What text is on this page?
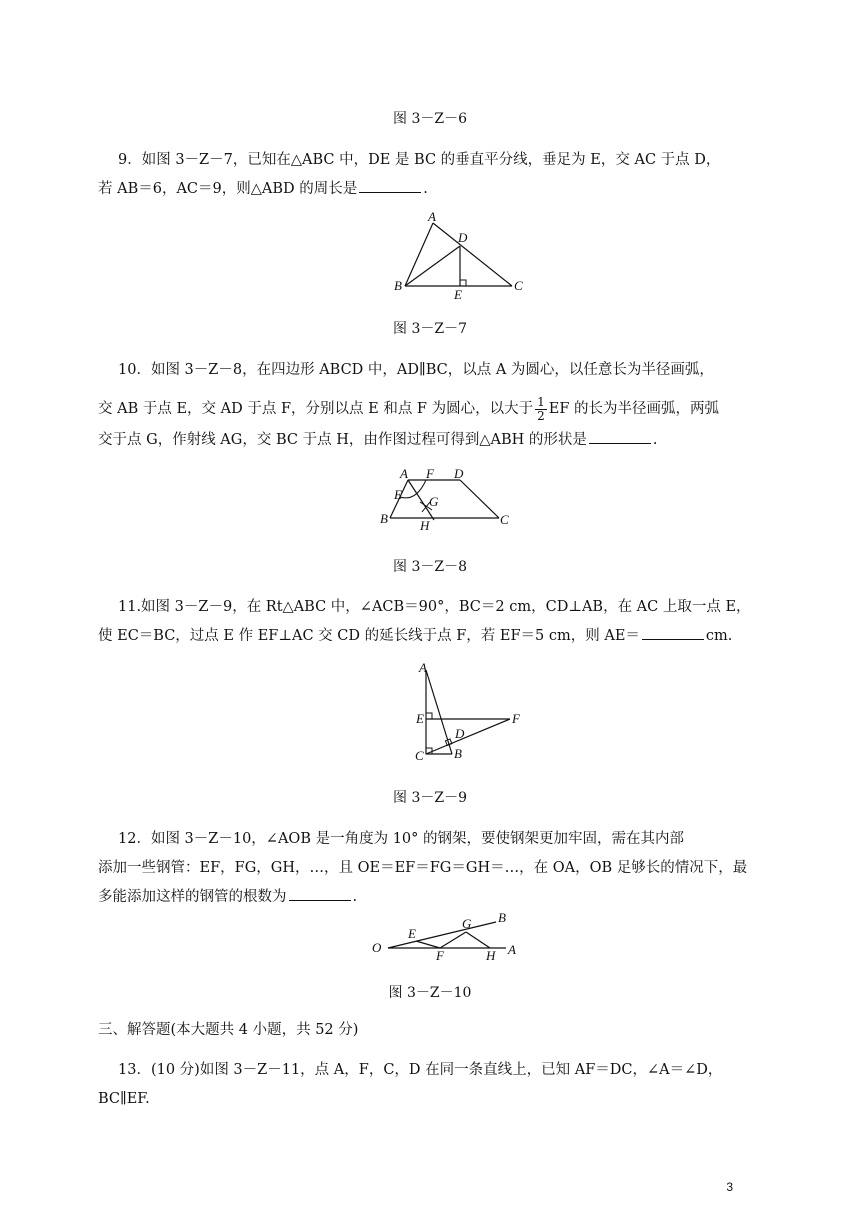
图 3－Z－6
9．如图 3－Z－7，已知在△ABC 中，DE 是 BC 的垂直平分线，垂足为 E，交 AC 于点 D，
若 AB＝6，AC＝9，则△ABD 的周长是	.
A
D
B
E
C
图 3－Z－7
10．如图 3－Z－8，在四边形 ABCD 中，AD∥BC，以点 A 为圆心，以任意长为半径画弧，
交 AB 于点 E，交 AD 于点 F，分别以点 E 和点 F 为圆心，以大于 $\frac{1}{2}$ EF 的长为半径画弧，两弧
交于点 G，作射线 AG，交 BC 于点 H，由作图过程可得到△ABH 的形状是	.
A F D
E G
B H	C
图 3－Z－8
11.如图 3－Z－9，在 Rt△ABC 中，∠ACB＝90°，BC＝2 cm，CD⊥AB，在 AC 上取一点 E，
使 EC＝BC，过点 E 作 EF⊥AC 交 CD 的延长线于点 F，若 EF＝5 cm，则 AE＝	cm.
A
E	F
D
C B
图 3－Z－9
12．如图 3－Z－10，∠AOB 是一角度为 10° 的钢架，要使钢架更加牢固，需在其内部
添加一些钢管：EF，FG，GH，…，且 OE＝EF＝FG＝GH＝…，在 OA，OB 足够长的情况下，最
多能添加这样的钢管的根数为	.
O
E
F
G
H
B
A
图 3－Z－10
三、解答题(本大题共 4 小题，共 52 分)
13．(10 分)如图 3－Z－11，点 A，F，C，D 在同一条直线上，已知 AF＝DC，∠A＝∠D，
BC∥EF.
3
